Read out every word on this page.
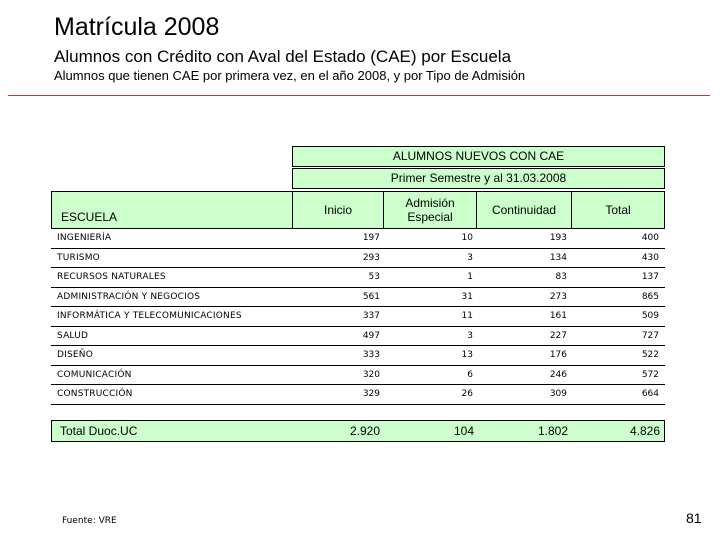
Matrícula 2008
Alumnos con Crédito con Aval del Estado (CAE) por Escuela
Alumnos que tienen CAE por primera vez, en el año 2008, y por Tipo de Admisión
ALUMNOS NUEVOS CON CAE
Primer Semestre y al 31.03.2008
ESCUELA	Inicio	Admisión Especial	Continuidad	Total
INGENIERÍA	197	10	193	400
TURISMO	293	3	134	430
RECURSOS NATURALES	53	1	83	137
ADMINISTRACIÓN Y NEGOCIOS	561	31	273	865
INFORMÁTICA Y TELECOMUNICACIONES	337	11	161	509
SALUD	497	3	227	727
DISEÑO	333	13	176	522
COMUNICACIÓN	320	6	246	572
CONSTRUCCIÓN	329	26	309	664
Total Duoc.UC	2.920	104	1.802	4.826
Fuente: VRE	81
